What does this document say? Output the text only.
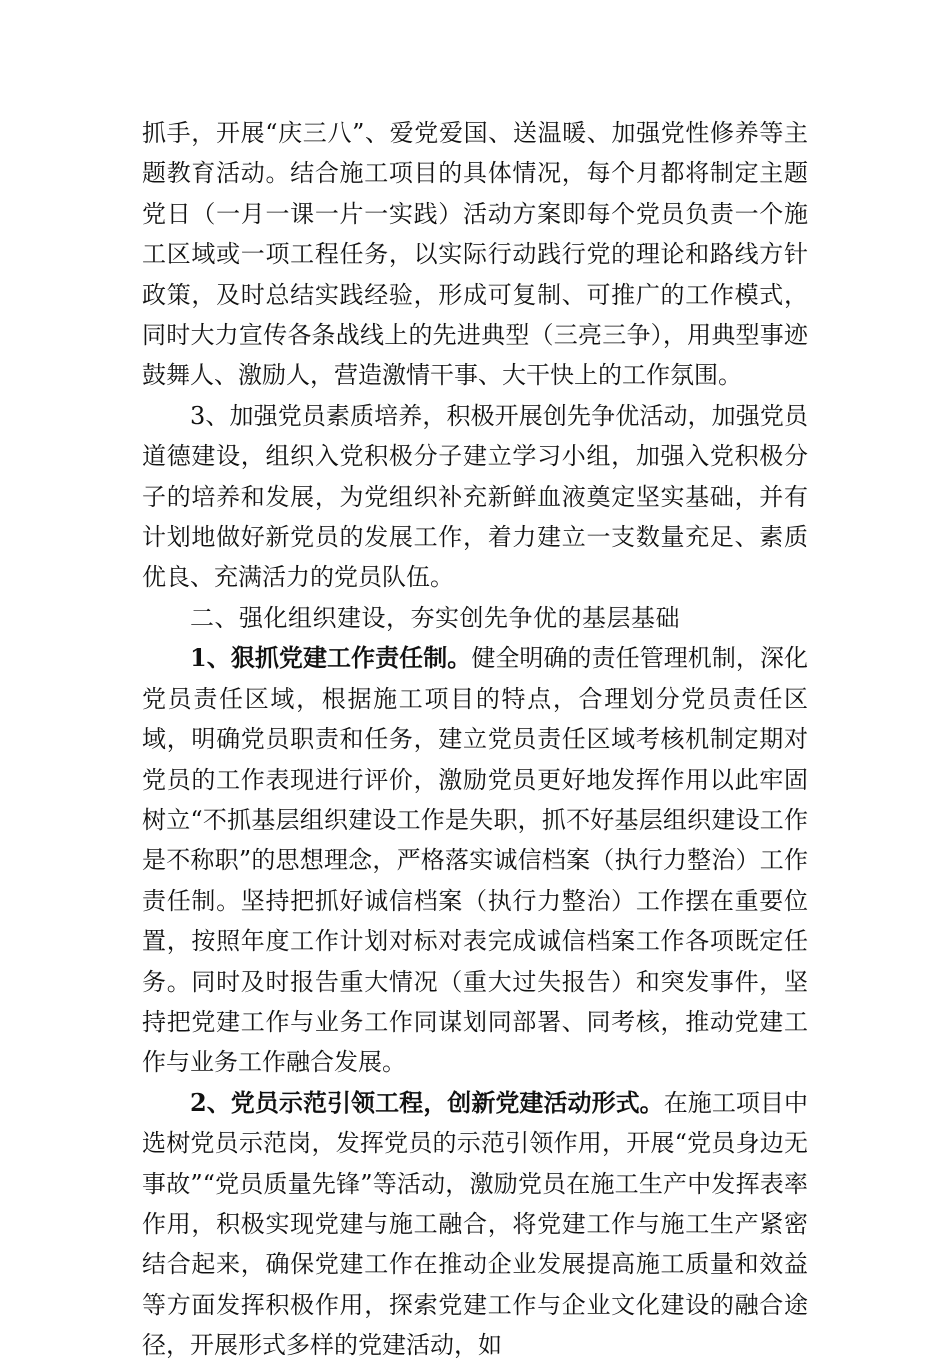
抓手，开展“庆三八”、爱党爱国、送温暖、加强党性修养等主题教育活动。结合施工项目的具体情况，每个月都将制定主题党日（一月一课一片一实践）活动方案即每个党员负责一个施工区域或一项工程任务，以实际行动践行党的理论和路线方针政策，及时总结实践经验，形成可复制、可推广的工作模式，同时大力宣传各条战线上的先进典型（三亮三争），用典型事迹鼓舞人、激励人，营造激情干事、大干快上的工作氛围。

3、加强党员素质培养，积极开展创先争优活动，加强党员道德建设，组织入党积极分子建立学习小组，加强入党积极分子的培养和发展，为党组织补充新鲜血液奠定坚实基础，并有计划地做好新党员的发展工作，着力建立一支数量充足、素质优良、充满活力的党员队伍。

二、强化组织建设，夯实创先争优的基层基础

1、狠抓党建工作责任制。健全明确的责任管理机制，深化党员责任区域，根据施工项目的特点，合理划分党员责任区域，明确党员职责和任务，建立党员责任区域考核机制定期对党员的工作表现进行评价，激励党员更好地发挥作用以此牢固树立“不抓基层组织建设工作是失职，抓不好基层组织建设工作是不称职”的思想理念，严格落实诚信档案（执行力整治）工作责任制。坚持把抓好诚信档案（执行力整治）工作摆在重要位置，按照年度工作计划对标对表完成诚信档案工作各项既定任务。同时及时报告重大情况（重大过失报告）和突发事件，坚持把党建工作与业务工作同谋划同部署、同考核，推动党建工作与业务工作融合发展。

2、党员示范引领工程，创新党建活动形式。在施工项目中选树党员示范岗，发挥党员的示范引领作用，开展“党员身边无事故”“党员质量先锋”等活动，激励党员在施工生产中发挥表率作用，积极实现党建与施工融合，将党建工作与施工生产紧密结合起来，确保党建工作在推动企业发展提高施工质量和效益等方面发挥积极作用，探索党建工作与企业文化建设的融合途径，开展形式多样的党建活动，如
